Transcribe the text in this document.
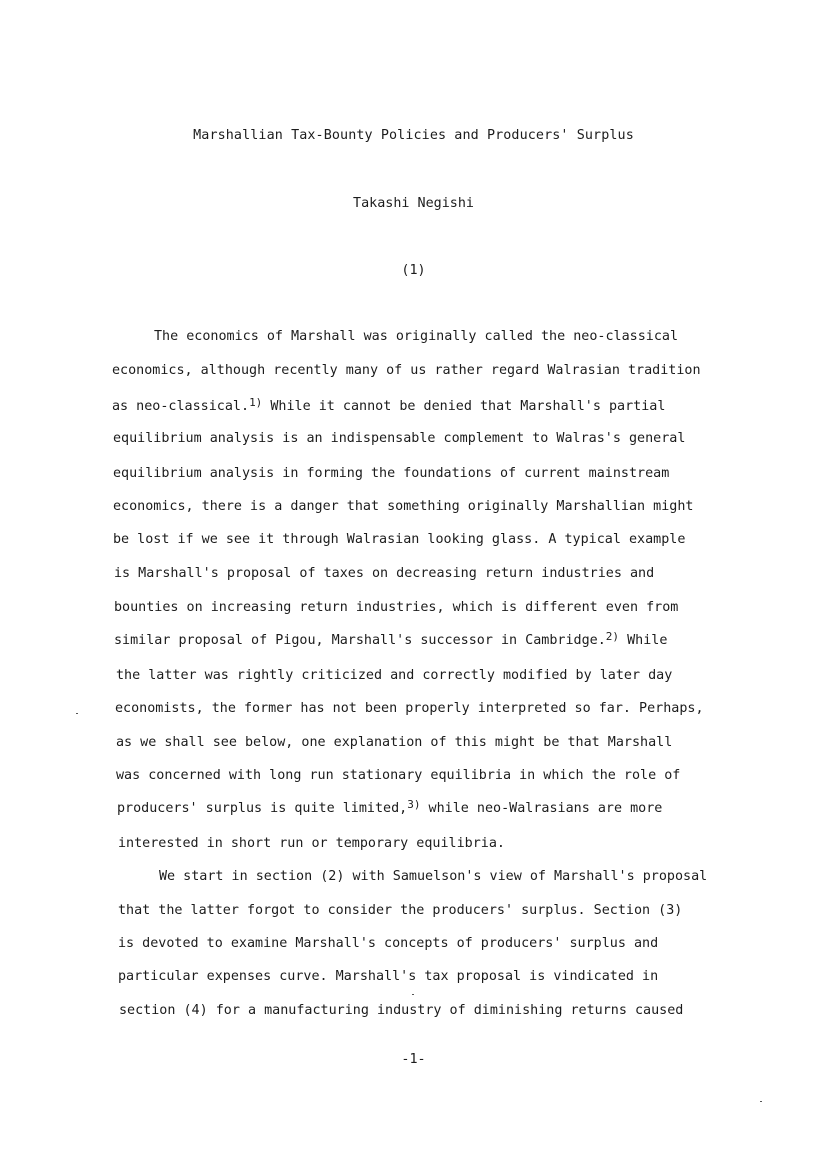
Marshallian Tax-Bounty Policies and Producers' Surplus
Takashi Negishi
(1)
The economics of Marshall was originally called the neo-classical
economics, although recently many of us rather regard Walrasian tradition
as neo-classical.$^{1)}$ While it cannot be denied that Marshall's partial
equilibrium analysis is an indispensable complement to Walras's general
equilibrium analysis in forming the foundations of current mainstream
economics, there is a danger that something originally Marshallian might
be lost if we see it through Walrasian looking glass. A typical example
is Marshall's proposal of taxes on decreasing return industries and
bounties on increasing return industries, which is different even from
similar proposal of Pigou, Marshall's successor in Cambridge.$^{2)}$ While
the latter was rightly criticized and correctly modified by later day
economists, the former has not been properly interpreted so far. Perhaps,
as we shall see below, one explanation of this might be that Marshall
was concerned with long run stationary equilibria in which the role of
producers' surplus is quite limited,$^{3)}$ while neo-Walrasians are more
interested in short run or temporary equilibria.
We start in section (2) with Samuelson's view of Marshall's proposal
that the latter forgot to consider the producers' surplus. Section (3)
is devoted to examine Marshall's concepts of producers' surplus and
particular expenses curve. Marshall's tax proposal is vindicated in
section (4) for a manufacturing industry of diminishing returns caused
-1-
